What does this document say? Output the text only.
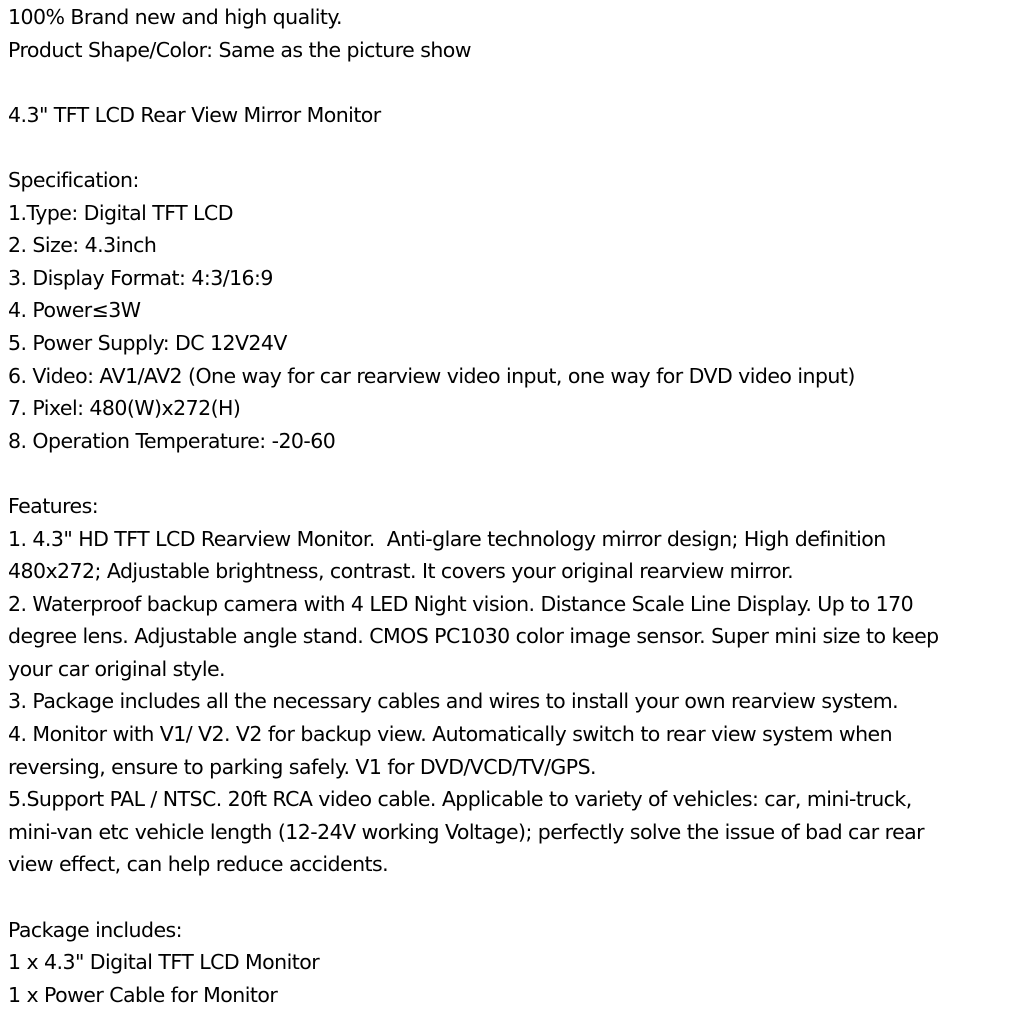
100% Brand new and high quality.
Product Shape/Color: Same as the picture show
4.3" TFT LCD Rear View Mirror Monitor
Specification:
1.Type: Digital TFT LCD
2. Size: 4.3inch
3. Display Format: 4:3/16:9
4. Power≤3W
5. Power Supply: DC 12V24V
6. Video: AV1/AV2 (One way for car rearview video input, one way for DVD video input)
7. Pixel: 480(W)x272(H)
8. Operation Temperature: -20-60
Features:
1. 4.3" HD TFT LCD Rearview Monitor.  Anti-glare technology mirror design; High definition
480x272; Adjustable brightness, contrast. It covers your original rearview mirror.
2. Waterproof backup camera with 4 LED Night vision. Distance Scale Line Display. Up to 170
degree lens. Adjustable angle stand. CMOS PC1030 color image sensor. Super mini size to keep
your car original style.
3. Package includes all the necessary cables and wires to install your own rearview system.
4. Monitor with V1/ V2. V2 for backup view. Automatically switch to rear view system when
reversing, ensure to parking safely. V1 for DVD/VCD/TV/GPS.
5.Support PAL / NTSC. 20ft RCA video cable. Applicable to variety of vehicles: car, mini-truck,
mini-van etc vehicle length (12-24V working Voltage); perfectly solve the issue of bad car rear
view effect, can help reduce accidents.
Package includes:
1 x 4.3" Digital TFT LCD Monitor
1 x Power Cable for Monitor
